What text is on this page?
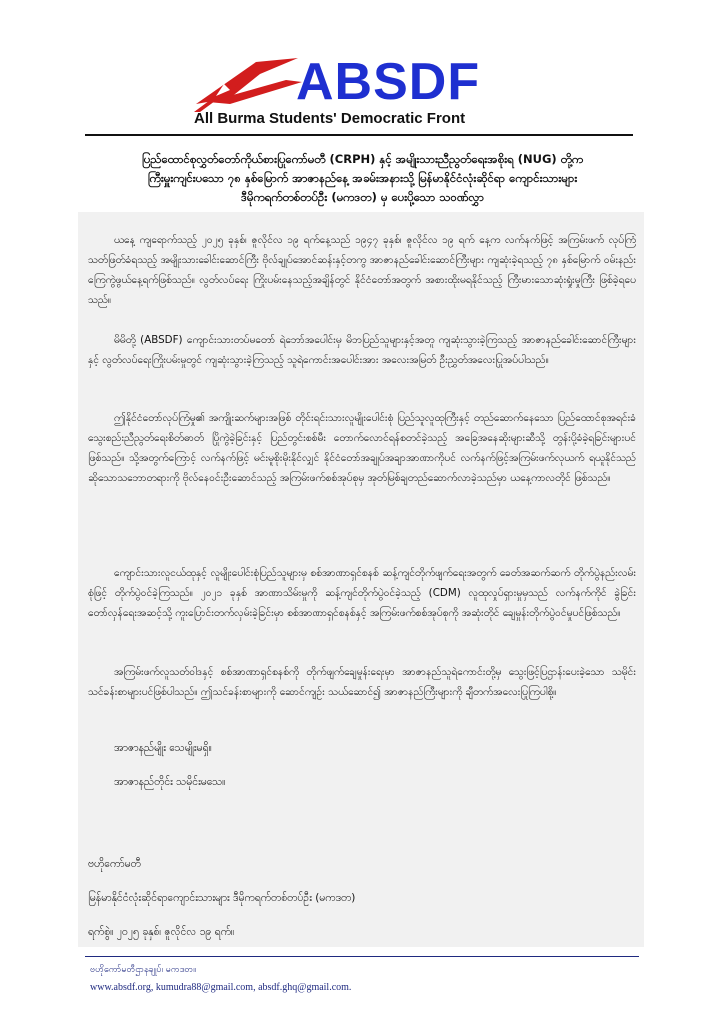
ABSDF
All Burma Students' Democratic Front
ပြည်ထောင်စုလွှတ်တော်ကိုယ်စားပြုကော်မတီ (CRPH) နှင့် အမျိုးသားညီညွတ်ရေးအစိုးရ (NUG) တို့က
ကြီးမှူးကျင်းပသော ၇၈ နှစ်မြောက် အာဇာနည်နေ့ အခမ်းအနားသို့ မြန်မာနိုင်ငံလုံးဆိုင်ရာ ကျောင်းသားများ
ဒီမိုကရက်တစ်တပ်ဦး (မကဒတ) မှ ပေးပို့သော သဝဏ်လွှာ
ယနေ့ ကျရောက်သည့် ၂၀၂၅ ခုနှစ်၊ ဇူလိုင်လ ၁၉ ရက်နေ့သည် ၁၉၄၇ ခုနှစ်၊ ဇူလိုင်လ ၁၉ ရက် နေ့က လက်နက်ဖြင့် အကြမ်းဖက် လုပ်ကြံသတ်ဖြတ်ခံရသည့် အမျိုးသားခေါင်းဆောင်ကြီး ဗိုလ်ချုပ်အောင်ဆန်းနှင့်တကွ အာဇာနည်ခေါင်းဆောင်ကြီးများ ကျဆုံးခဲ့ရသည့် ၇၈ နှစ်မြောက် ဝမ်းနည်းကြေကွဲဖွယ်နေ့ရက်ဖြစ်သည်။ လွတ်လပ်ရေး ကြိုးပမ်းနေသည့်အချိန်တွင် နိုင်ငံတော်အတွက် အစားထိုးမရနိုင်သည့် ကြီးမားသောဆုံးရှုံးမှုကြီး ဖြစ်ခဲ့ရပေသည်။
မိမိတို့ (ABSDF) ကျောင်းသားတပ်မတော် ရဲဘော်အပေါင်းမှ မိဘပြည်သူများနှင့်အတူ ကျဆုံးသွားခဲ့ကြသည့် အာဇာနည်ခေါင်းဆောင်ကြီးများနှင့် လွတ်လပ်ရေးကြိုးပမ်းမှုတွင် ကျဆုံးသွားခဲ့ကြသည့် သူရဲကောင်းအပေါင်းအား အလေးအမြတ် ဦးညွှတ်အလေးပြုအပ်ပါသည်။
ဤနိုင်ငံတော်လုပ်ကြံမှု၏ အကျိုးဆက်များအဖြစ် တိုင်းရင်းသားလူမျိုးပေါင်းစုံ ပြည်သူလူထုကြီးနှင့် တည်ဆောက်နေသော ပြည်ထောင်စုအရင်းခံ သွေးစည်းညီညွတ်ရေးစိတ်ဓာတ် ပြိုကွဲခဲ့ခြင်းနှင့် ပြည်တွင်းစစ်မီး တောက်လောင်ရန်စတင်ခဲ့သည့် အခြေအနေဆိုးများဆီသို့ တွန်းပို့ခံခဲ့ရခြင်းများပင်ဖြစ်သည်။ သို့အတွက်ကြောင့် လက်နက်ဖြင့် မင်းမူစိုးမိုးနိုင်လျှင် နိုင်ငံတော်အချုပ်အချာအာဏာကိုပင် လက်နက်ဖြင့်အကြမ်းဖက်လုယက် ရယူနိုင်သည်ဆိုသောသဘောတရားကို ဗိုလ်နေဝင်းဦးဆောင်သည့် အကြမ်းဖက်စစ်အုပ်စုမှ အုတ်မြစ်ချတည်ဆောက်လာခဲ့သည်မှာ ယနေ့ကာလတိုင် ဖြစ်သည်။
ကျောင်းသားလူငယ်ထုနှင့် လူမျိုးပေါင်းစုံပြည်သူများမှ စစ်အာဏာရှင်စနစ် ဆန့်ကျင်တိုက်ဖျက်ရေးအတွက် ခေတ်အဆက်ဆက် တိုက်ပွဲနည်းလမ်းစုံဖြင့် တိုက်ပွဲဝင်ခဲ့ကြသည်။ ၂၀၂၁ ခုနှစ် အာဏာသိမ်းမှုကို ဆန့်ကျင်တိုက်ပွဲဝင်ခဲ့သည့် (CDM) လူထုလှုပ်ရှားမှုမှသည် လက်နက်ကိုင် ခွဲခြင်းတော်လှန်ရေးအဆင့်သို့ ကူးပြောင်းတက်လှမ်းခဲ့ခြင်းမှာ စစ်အာဏာရှင်စနစ်နှင့် အကြမ်းဖက်စစ်အုပ်စုကို အဆုံးတိုင် ချေမှုန်းတိုက်ပွဲဝင်မှုပင်ဖြစ်သည်။
အကြမ်းဖက်လူသတ်ဝါဒနှင့် စစ်အာဏာရှင်စနစ်ကို တိုက်ဖျက်ချေမှုန်းရေးမှာ အာဇာနည်သူရဲကောင်းတို့မှ သွေးဖြင့်ပြဌာန်းပေးခဲ့သော သမိုင်းသင်ခန်းစာများပင်ဖြစ်ပါသည်။ ဤသင်ခန်းစာများကို ဆောင်ကျဉ်း သယ်ဆောင်၍ အာဇာနည်ကြီးများကို ချီတက်အလေးပြုကြပါစို့။
အာဇာနည်မျိုး သေမျိုးမရှိ။
အာဇာနည်တိုင်း သမိုင်းမသေ။
ဗဟိုကော်မတီ
မြန်မာနိုင်ငံလုံးဆိုင်ရာကျောင်းသားများ ဒီမိုကရက်တစ်တပ်ဦး (မကဒတ)
ရက်စွဲ။ ၂၀၂၅ ခုနှစ်၊ ဇူလိုင်လ ၁၉ ရက်။
ဗဟိုကော်မတီဌာနချုပ်၊ မကဒတ။
www.absdf.org, kumudra88@gmail.com, absdf.ghq@gmail.com.
